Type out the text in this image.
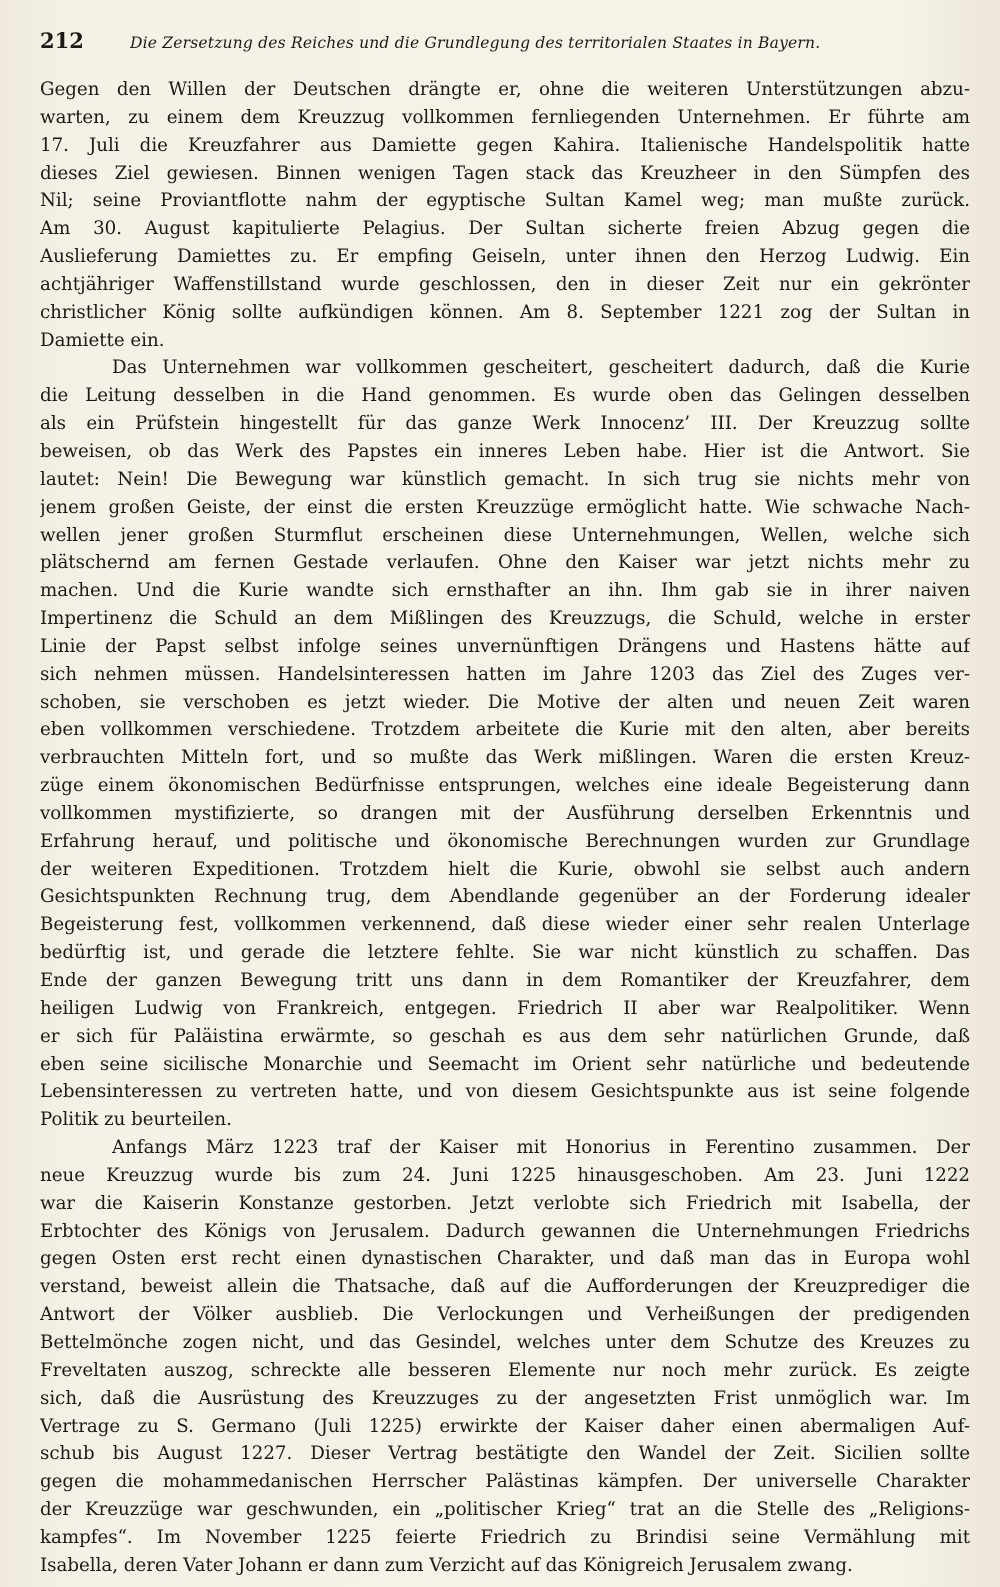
212	Die Zersetzung des Reiches und die Grundlegung des territorialen Staates in Bayern.
Gegen den Willen der Deutschen drängte er, ohne die weiteren Unterstützungen abzu-
warten, zu einem dem Kreuzzug vollkommen fernliegenden Unternehmen. Er führte am
17. Juli die Kreuzfahrer aus Damiette gegen Kahira. Italienische Handelspolitik hatte
dieses Ziel gewiesen. Binnen wenigen Tagen stack das Kreuzheer in den Sümpfen des
Nil; seine Proviantflotte nahm der egyptische Sultan Kamel weg; man mußte zurück.
Am 30. August kapitulierte Pelagius. Der Sultan sicherte freien Abzug gegen die
Auslieferung Damiettes zu. Er empfing Geiseln, unter ihnen den Herzog Ludwig. Ein
achtjähriger Waffenstillstand wurde geschlossen, den in dieser Zeit nur ein gekrönter
christlicher König sollte aufkündigen können. Am 8. September 1221 zog der Sultan in
Damiette ein.
Das Unternehmen war vollkommen gescheitert, gescheitert dadurch, daß die Kurie
die Leitung desselben in die Hand genommen. Es wurde oben das Gelingen desselben
als ein Prüfstein hingestellt für das ganze Werk Innocenz’ III. Der Kreuzzug sollte
beweisen, ob das Werk des Papstes ein inneres Leben habe. Hier ist die Antwort. Sie
lautet: Nein! Die Bewegung war künstlich gemacht. In sich trug sie nichts mehr von
jenem großen Geiste, der einst die ersten Kreuzzüge ermöglicht hatte. Wie schwache Nach-
wellen jener großen Sturmflut erscheinen diese Unternehmungen, Wellen, welche sich
plätschernd am fernen Gestade verlaufen. Ohne den Kaiser war jetzt nichts mehr zu
machen. Und die Kurie wandte sich ernsthafter an ihn. Ihm gab sie in ihrer naiven
Impertinenz die Schuld an dem Mißlingen des Kreuzzugs, die Schuld, welche in erster
Linie der Papst selbst infolge seines unvernünftigen Drängens und Hastens hätte auf
sich nehmen müssen. Handelsinteressen hatten im Jahre 1203 das Ziel des Zuges ver-
schoben, sie verschoben es jetzt wieder. Die Motive der alten und neuen Zeit waren
eben vollkommen verschiedene. Trotzdem arbeitete die Kurie mit den alten, aber bereits
verbrauchten Mitteln fort, und so mußte das Werk mißlingen. Waren die ersten Kreuz-
züge einem ökonomischen Bedürfnisse entsprungen, welches eine ideale Begeisterung dann
vollkommen mystifizierte, so drangen mit der Ausführung derselben Erkenntnis und
Erfahrung herauf, und politische und ökonomische Berechnungen wurden zur Grundlage
der weiteren Expeditionen. Trotzdem hielt die Kurie, obwohl sie selbst auch andern
Gesichtspunkten Rechnung trug, dem Abendlande gegenüber an der Forderung idealer
Begeisterung fest, vollkommen verkennend, daß diese wieder einer sehr realen Unterlage
bedürftig ist, und gerade die letztere fehlte. Sie war nicht künstlich zu schaffen. Das
Ende der ganzen Bewegung tritt uns dann in dem Romantiker der Kreuzfahrer, dem
heiligen Ludwig von Frankreich, entgegen. Friedrich II aber war Realpolitiker. Wenn
er sich für Paläistina erwärmte, so geschah es aus dem sehr natürlichen Grunde, daß
eben seine sicilische Monarchie und Seemacht im Orient sehr natürliche und bedeutende
Lebensinteressen zu vertreten hatte, und von diesem Gesichtspunkte aus ist seine folgende
Politik zu beurteilen.
Anfangs März 1223 traf der Kaiser mit Honorius in Ferentino zusammen. Der
neue Kreuzzug wurde bis zum 24. Juni 1225 hinausgeschoben. Am 23. Juni 1222
war die Kaiserin Konstanze gestorben. Jetzt verlobte sich Friedrich mit Isabella, der
Erbtochter des Königs von Jerusalem. Dadurch gewannen die Unternehmungen Friedrichs
gegen Osten erst recht einen dynastischen Charakter, und daß man das in Europa wohl
verstand, beweist allein die Thatsache, daß auf die Aufforderungen der Kreuzprediger die
Antwort der Völker ausblieb. Die Verlockungen und Verheißungen der predigenden
Bettelmönche zogen nicht, und das Gesindel, welches unter dem Schutze des Kreuzes zu
Freveltaten auszog, schreckte alle besseren Elemente nur noch mehr zurück. Es zeigte
sich, daß die Ausrüstung des Kreuzzuges zu der angesetzten Frist unmöglich war. Im
Vertrage zu S. Germano (Juli 1225) erwirkte der Kaiser daher einen abermaligen Auf-
schub bis August 1227. Dieser Vertrag bestätigte den Wandel der Zeit. Sicilien sollte
gegen die mohammedanischen Herrscher Palästinas kämpfen. Der universelle Charakter
der Kreuzzüge war geschwunden, ein „politischer Krieg“ trat an die Stelle des „Religions-
kampfes“. Im November 1225 feierte Friedrich zu Brindisi seine Vermählung mit
Isabella, deren Vater Johann er dann zum Verzicht auf das Königreich Jerusalem zwang.
